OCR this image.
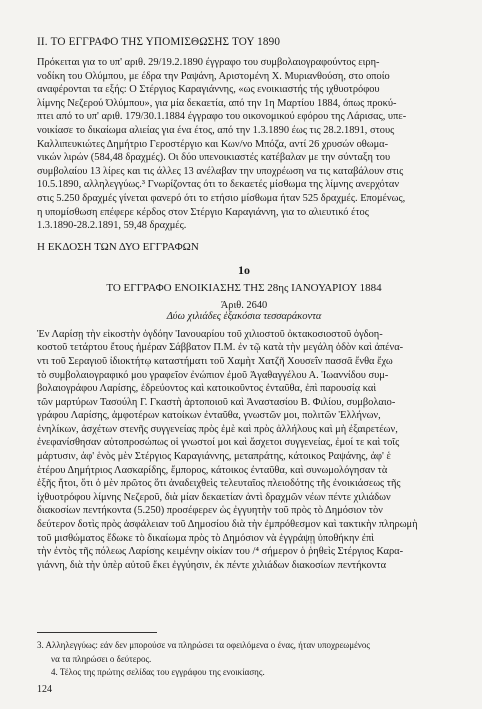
II. ΤΟ ΕΓΓΡΑΦΟ ΤΗΣ ΥΠΟΜΙΣΘΩΣΗΣ ΤΟΥ 1890
Πρόκειται για το υπ' αριθ. 29/19.2.1890 έγγραφο του συμβολαιογραφούντος ειρη-
νοδίκη του Ολύμπου, με έδρα την Ραψάνη, Αριστομένη Χ. Μυριανθούση, στο οποίο
αναφέρονται τα εξής: Ο Στέργιος Καραγιάννης, «ως ενοικιαστής τής ιχθυοτρόφου
λίμνης Νεζερού Όλύμπου», για μία δεκαετία, από την 1η Μαρτίου 1884, όπως προκύ-
πτει από το υπ' αριθ. 179/30.1.1884 έγγραφο του οικονομικού εφόρου της Λάρισας, υπε-
νοικίασε το δικαίωμα αλιείας για ένα έτος, από την 1.3.1890 έως τις 28.2.1891, στους
Καλλιπευκιώτες Δημήτριο Γεροστέργιο και Κων/νο Μπόζα, αντί 26 χρυσών οθωμα-
νικών λιρών (584,48 δραχμές). Οι δύο υπενοικιαστές κατέβαλαν με την σύνταξη του
συμβολαίου 13 λίρες και τις άλλες 13 ανέλαβαν την υποχρέωση να τις καταβάλουν στις
10.5.1890, αλληλεγγύως.³ Γνωρίζοντας ότι το δεκαετές μίσθωμα της λίμνης ανερχόταν
στις 5.250 δραχμές γίνεται φανερό ότι το ετήσιο μίσθωμα ήταν 525 δραχμές. Επομένως,
η υπομίσθωση επέφερε κέρδος στον Στέργιο Καραγιάννη, για το αλιευτικό έτος
1.3.1890-28.2.1891, 59,48 δραχμές.
Η ΕΚΔΟΣΗ ΤΩΝ ΔΥΟ ΕΓΓΡΑΦΩΝ
1ο
ΤΟ ΕΓΓΡΑΦΟ ΕΝΟΙΚΙΑΣΗΣ ΤΗΣ 28ης ΙΑΝΟΥΑΡΙΟΥ 1884
Άριθ. 2640
Δύω χιλιάδες ἑξακόσια τεσσαράκοντα
Ἐν Λαρίσῃ τὴν εἰκοστὴν ὀγδόην Ἰανουαρίου τοῦ χιλιοστοῦ ὀκτακοσιοστοῦ ὀγδοη-
κοστοῦ τετάρτου ἔτους ἡμέραν Σάββατον Π.Μ. ἐν τῷ κατὰ τὴν μεγάλη ὁδὸν καὶ ἀπένα-
ντι τοῦ Σεραγιοῦ ἰδιοκτήτῳ καταστήματι τοῦ Χαμὴτ Χατζῆ Χουσεΐν πασσᾶ ἔνθα ἔχω
τὸ συμβολαιογραφικό μου γραφεῖον ἐνώπιον ἐμοῦ Ἀγαθαγγέλου Α. Ἰωαννίδου συμ-
βολαιογράφου Λαρίσης, ἑδρεύοντος καὶ κατοικοῦντος ἐνταῦθα, ἐπὶ παρουσίᾳ καὶ
τῶν μαρτύρων Τασούλη Γ. Γκαστὴ ἀρτοποιοῦ καὶ Ἀναστασίου Β. Φιλίου, συμβολαιο-
γράφου Λαρίσης, ἀμφοτέρων κατοίκων ἐνταῦθα, γνωστῶν μοι, πολιτῶν Ἑλλήνων,
ἐνηλίκων, ἀσχέτων στενῆς συγγενείας πρὸς ἐμὲ καὶ πρὸς ἀλλήλους καὶ μὴ ἐξαιρετέων,
ἐνεφανίσθησαν αὐτοπροσώπως οἱ γνωστοί μοι καὶ ἄσχετοι συγγενείας, ἐμοί τε καὶ τοῖς
μάρτυσιν, ἀφ' ἑνὸς μὲν Στέργιος Καραγιάννης, μεταπράτης, κάτοικος Ραψάνης, ἀφ' ἑ
ἑτέρου Δημήτριος Λασκαρίδης, ἔμπορος, κάτοικος ἐνταῦθα, καὶ συνωμολόγησαν τὰ
ἑξῆς ἤτοι, ὅτι ὁ μὲν πρῶτος ὅτι ἀναδειχθεὶς τελευταῖος πλειοδότης τῆς ἐνοικιάσεως τῆς
ἰχθυοτρόφου λίμνης Νεζεροῦ, διὰ μίαν δεκαετίαν ἀντὶ δραχμῶν νέων πέντε χιλιάδων
διακοσίων πεντήκοντα (5.250) προσέφερεν ὡς ἐγγυητὴν τοῦ πρὸς τὸ Δημόσιον τὸν
δεύτερον δοτὶς πρὸς ἀσφάλειαν τοῦ Δημοσίου διὰ τὴν ἐμπρόθεσμον καὶ τακτικὴν πληρωμὴ
τοῦ μισθώματος ἔδωκε τὸ δικαίωμα πρὸς τὸ Δημόσιον νὰ ἐγγράψῃ ὑποθήκην ἐπὶ
τὴν ἐντὸς τῆς πόλεως Λαρίσης κειμένην οἰκίαν του /⁴ σήμερον ὁ ῥηθεὶς Στέργιος Καρα-
γιάννη, διὰ τὴν ὑπὲρ αὐτοῦ ἔκει ἐγγύησιν, ἐκ πέντε χιλιάδων διακοσίων πεντήκοντα
3. Αλληλεγγύως: εάν δεν μπορούσε να πληρώσει τα οφειλόμενα ο ένας, ήταν υποχρεωμένος
να τα πληρώσει ο δεύτερος.
4. Τέλος της πρώτης σελίδας του εγγράφου της ενοικίασης.
124
